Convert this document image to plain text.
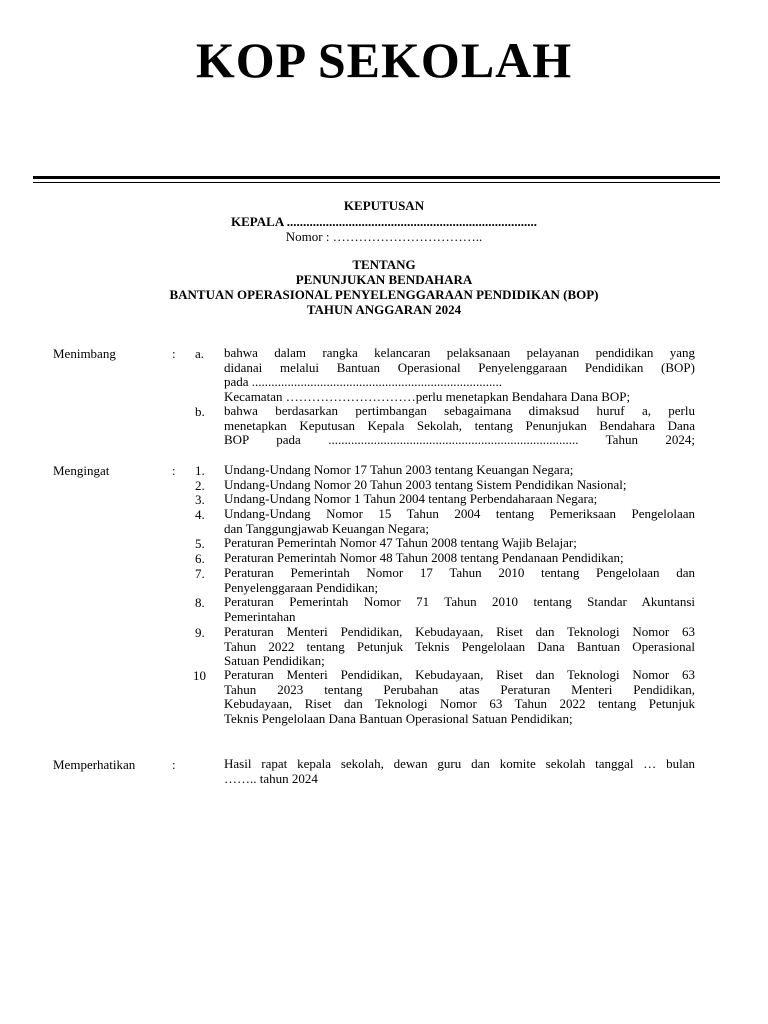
KOP SEKOLAH
KEPUTUSAN
KEPALA .............................................................................
Nomor : ……………………………..
TENTANG
PENUNJUKAN BENDAHARA
BANTUAN OPERASIONAL PENYELENGGARAAN PENDIDIKAN (BOP)
TAHUN ANGGARAN 2024
Menimbang	: a. bahwa dalam rangka kelancaran pelaksanaan pelayanan pendidikan yang
didanai melalui Bantuan Operasional Penyelenggaraan Pendidikan (BOP)
pada .............................................................................
Kecamatan …………………………perlu menetapkan Bendahara Dana BOP;
b. bahwa berdasarkan pertimbangan sebagaimana dimaksud huruf a, perlu
menetapkan Keputusan Kepala Sekolah, tentang Penunjukan Bendahara Dana
BOP pada ............................................................................. Tahun 2024;
Mengingat	: 1. Undang-Undang Nomor 17 Tahun 2003 tentang Keuangan Negara;
2. Undang-Undang Nomor 20 Tahun 2003 tentang Sistem Pendidikan Nasional;
3. Undang-Undang Nomor 1 Tahun 2004 tentang Perbendaharaan Negara;
4. Undang-Undang Nomor 15 Tahun 2004 tentang Pemeriksaan Pengelolaan
dan Tanggungjawab Keuangan Negara;
5. Peraturan Pemerintah Nomor 47 Tahun 2008 tentang Wajib Belajar;
6. Peraturan Pemerintah Nomor 48 Tahun 2008 tentang Pendanaan Pendidikan;
7. Peraturan Pemerintah Nomor 17 Tahun 2010 tentang Pengelolaan dan
Penyelenggaraan Pendidikan;
8. Peraturan Pemerintah Nomor 71 Tahun 2010 tentang Standar Akuntansi
Pemerintahan
9. Peraturan Menteri Pendidikan, Kebudayaan, Riset dan Teknologi Nomor 63
Tahun 2022 tentang Petunjuk Teknis Pengelolaan Dana Bantuan Operasional
Satuan Pendidikan;
10 Peraturan Menteri Pendidikan, Kebudayaan, Riset dan Teknologi Nomor 63
Tahun 2023 tentang Perubahan atas Peraturan Menteri Pendidikan,
Kebudayaan, Riset dan Teknologi Nomor 63 Tahun 2022 tentang Petunjuk
Teknis Pengelolaan Dana Bantuan Operasional Satuan Pendidikan;
Memperhatikan	:	Hasil rapat kepala sekolah, dewan guru dan komite sekolah tanggal … bulan
…….. tahun 2024
